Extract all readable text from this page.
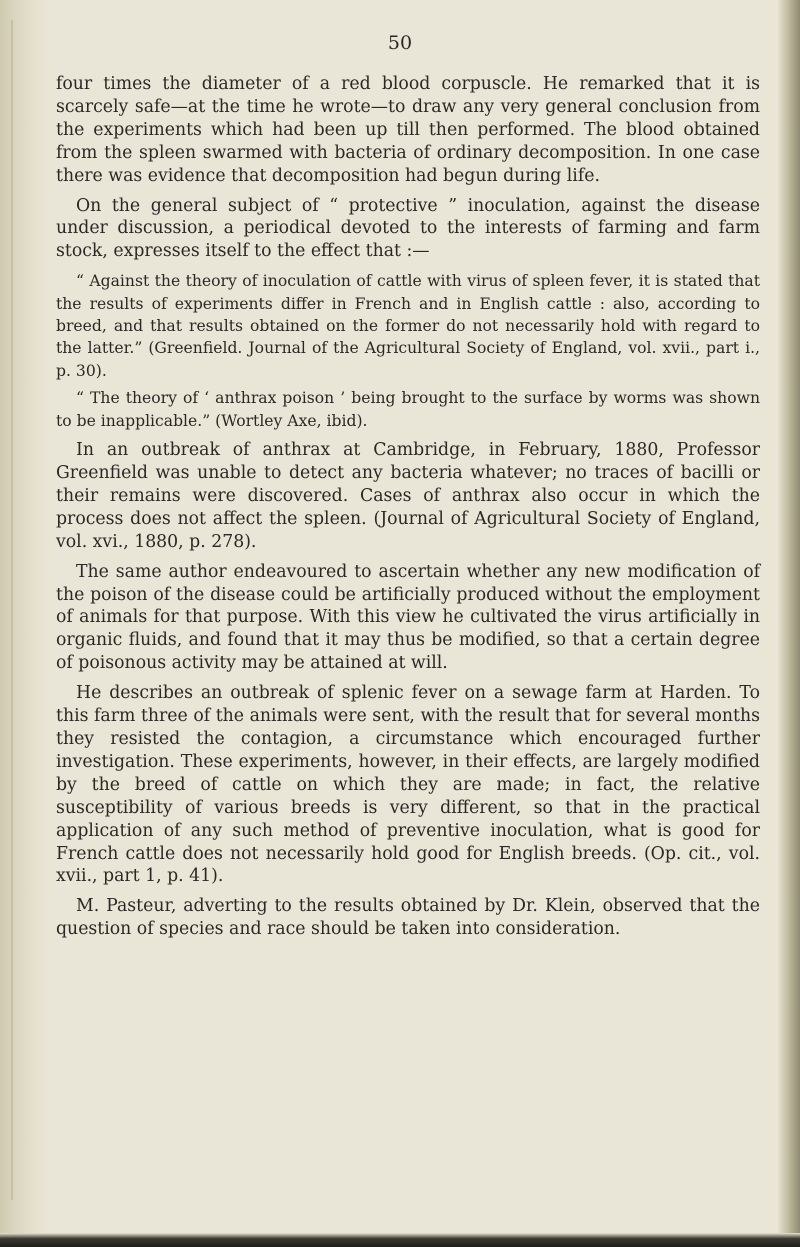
50

four times the diameter of a red blood corpuscle. He remarked that it is scarcely safe—at the time he wrote—to draw any very general conclusion from the experiments which had been up till then performed. The blood obtained from the spleen swarmed with bacteria of ordinary decomposition. In one case there was evidence that decomposition had begun during life.

On the general subject of “ protective ” inoculation, against the disease under discussion, a periodical devoted to the interests of farming and farm stock, expresses itself to the effect that :—

“ Against the theory of inoculation of cattle with virus of spleen fever, it is stated that the results of experiments differ in French and in English cattle : also, according to breed, and that results obtained on the former do not necessarily hold with regard to the latter.” (Greenfield. Journal of the Agricultural Society of England, vol. xvii., part i., p. 30).

“ The theory of ‘ anthrax poison ’ being brought to the surface by worms was shown to be inapplicable.” (Wortley Axe, ibid).

In an outbreak of anthrax at Cambridge, in February, 1880, Professor Greenfield was unable to detect any bacteria whatever; no traces of bacilli or their remains were discovered. Cases of anthrax also occur in which the process does not affect the spleen. (Journal of Agricultural Society of England, vol. xvi., 1880, p. 278).

The same author endeavoured to ascertain whether any new modification of the poison of the disease could be artificially produced without the employment of animals for that purpose. With this view he cultivated the virus artificially in organic fluids, and found that it may thus be modified, so that a certain degree of poisonous activity may be attained at will.

He describes an outbreak of splenic fever on a sewage farm at Harden. To this farm three of the animals were sent, with the result that for several months they resisted the contagion, a circumstance which encouraged further investigation. These experiments, however, in their effects, are largely modified by the breed of cattle on which they are made; in fact, the relative susceptibility of various breeds is very different, so that in the practical application of any such method of preventive inoculation, what is good for French cattle does not necessarily hold good for English breeds. (Op. cit., vol. xvii., part 1, p. 41).

M. Pasteur, adverting to the results obtained by Dr. Klein, observed that the question of species and race should be taken into consideration.
